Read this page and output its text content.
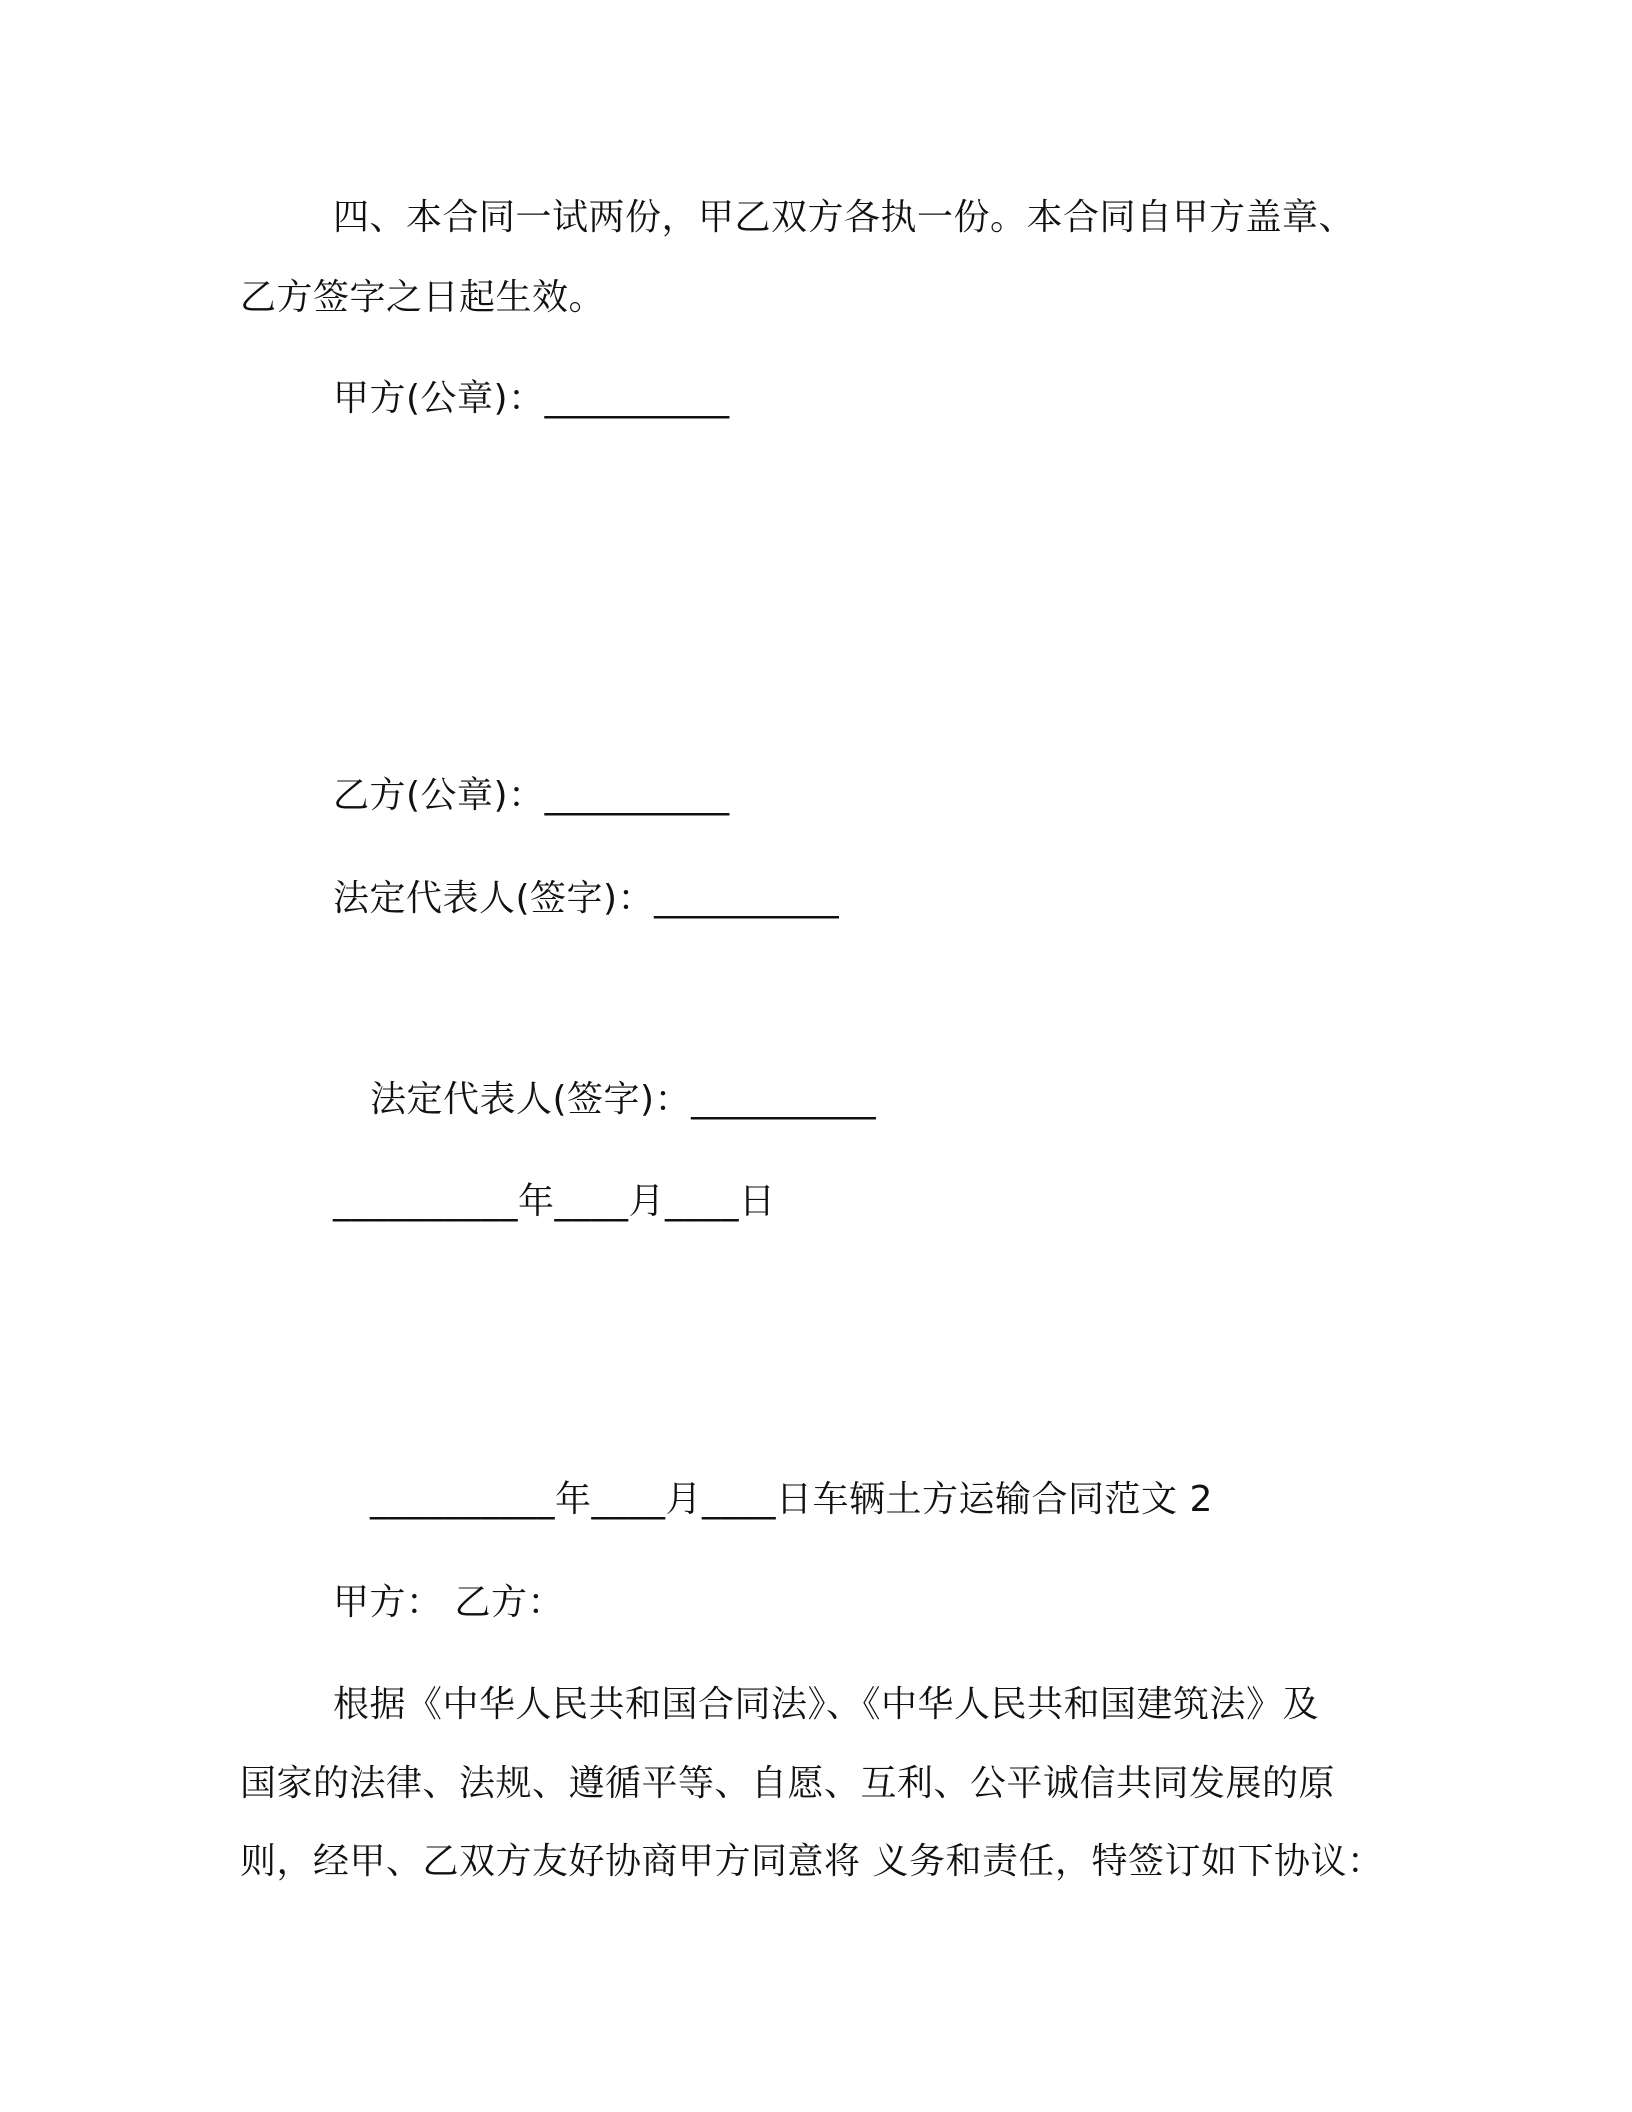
四、本合同一试两份，甲乙双方各执一份。本合同自甲方盖章、
乙方签字之日起生效。
甲方(公章)：__________
乙方(公章)：__________
法定代表人(签字)：__________
法定代表人(签字)：__________
__________年____月____日
__________年____月____日车辆土方运输合同范文 2
甲方： 乙方：
根据《中华人民共和国合同法》、《中华人民共和国建筑法》及
国家的法律、法规、遵循平等、自愿、互利、公平诚信共同发展的原
则，经甲、乙双方友好协商甲方同意将 义务和责任，特签订如下协议：
